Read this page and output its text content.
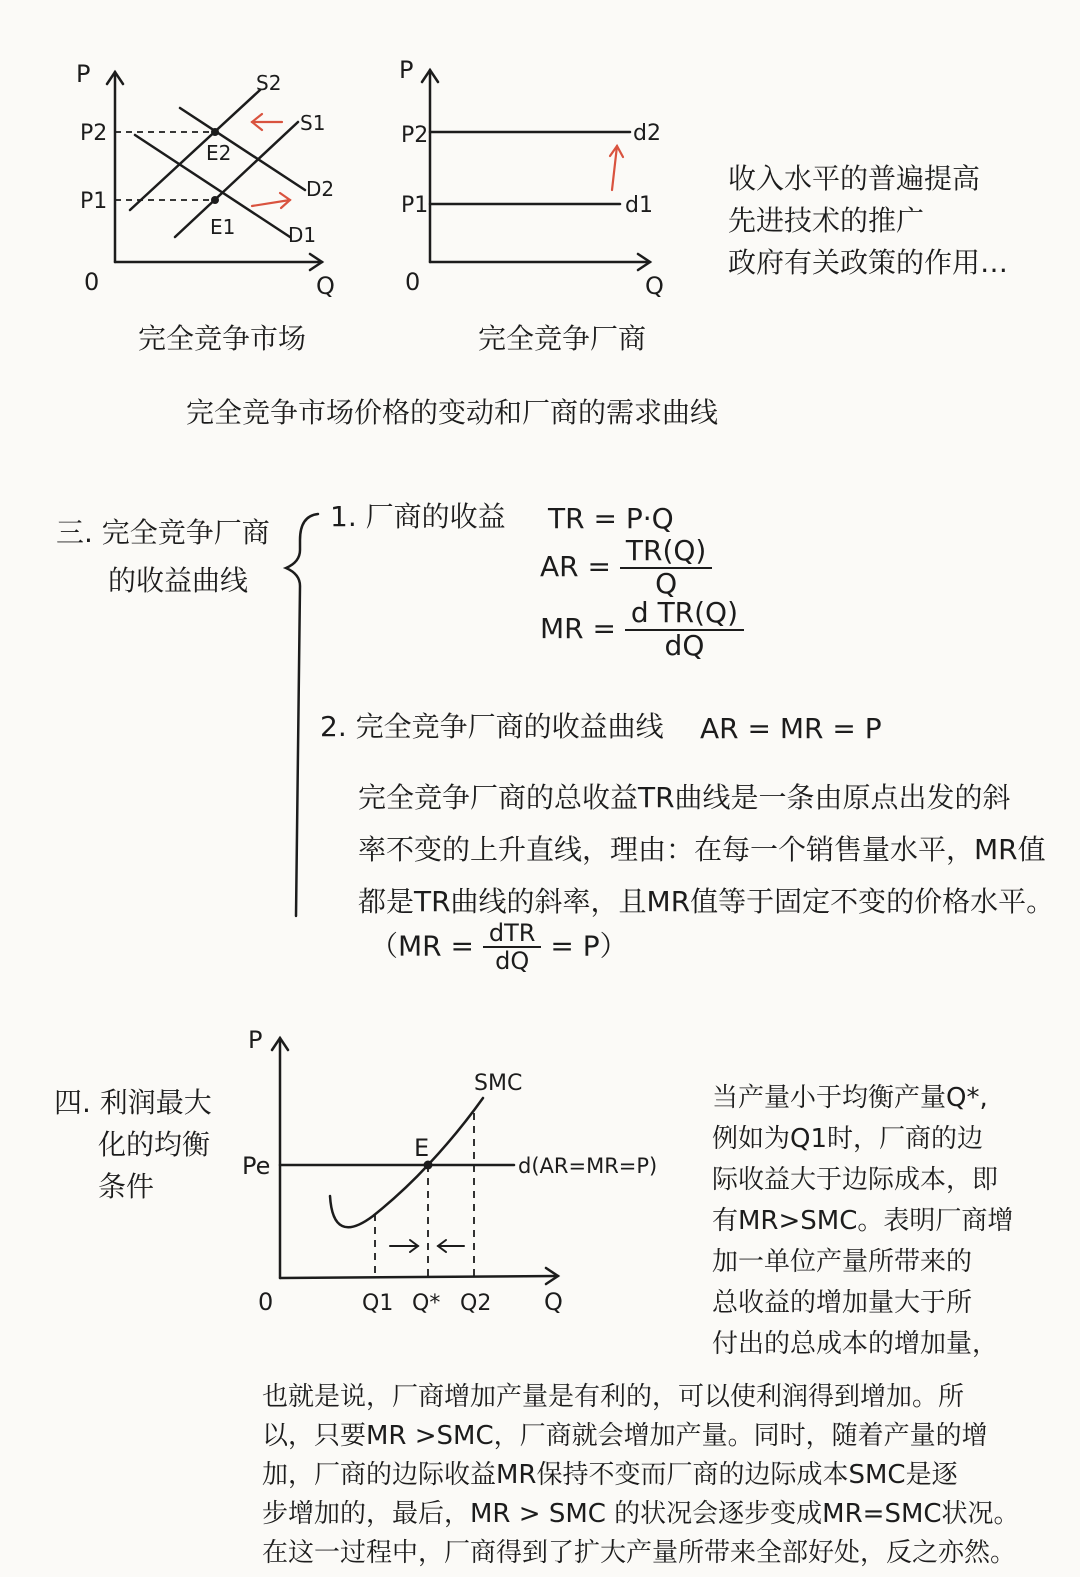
P
Q
0
P2
P1
S2
S1
D2
D1
E2
E1
完全竞争市场
P
Q
0
P2
P1
d2
d1
完全竞争厂商
收入水平的普遍提高
先进技术的推广
政府有关政策的作用…
完全竞争市场价格的变动和厂商的需求曲线
三. 完全竞争厂商
的收益曲线
1. 厂商的收益 TR = P·Q
AR = $\frac{TR(Q)}{Q}$
MR = $\frac{\text{d TR(Q)}}{dQ}$
2. 完全竞争厂商的收益曲线 AR = MR = P
完全竞争厂商的总收益TR曲线是一条由原点出发的斜
率不变的上升直线，理由：在每一个销售量水平，MR值
都是TR曲线的斜率，且MR值等于固定不变的价格水平。
$(MR = \frac{\text{dTR}}{dQ} = P)$
四. 利润最大
化的均衡
条件
P
Q
0
Pe
SMC
E
d(AR=MR=P)
Q1 Q* Q2
当产量小于均衡产量Q*,
例如为Q1时，厂商的边
际收益大于边际成本，即
有MR>SMC。表明厂商增
加一单位产量所带来的
总收益的增加量大于所
付出的总成本的增加量，
也就是说，厂商增加产量是有利的，可以使利润得到增加。所
以，只要MR >SMC，厂商就会增加产量。同时，随着产量的增
加，厂商的边际收益MR保持不变而厂商的边际成本SMC是逐
步增加的，最后，MR > SMC 的状况会逐步变成MR=SMC状况。
在这一过程中，厂商得到了扩大产量所带来全部好处，反之亦然。
